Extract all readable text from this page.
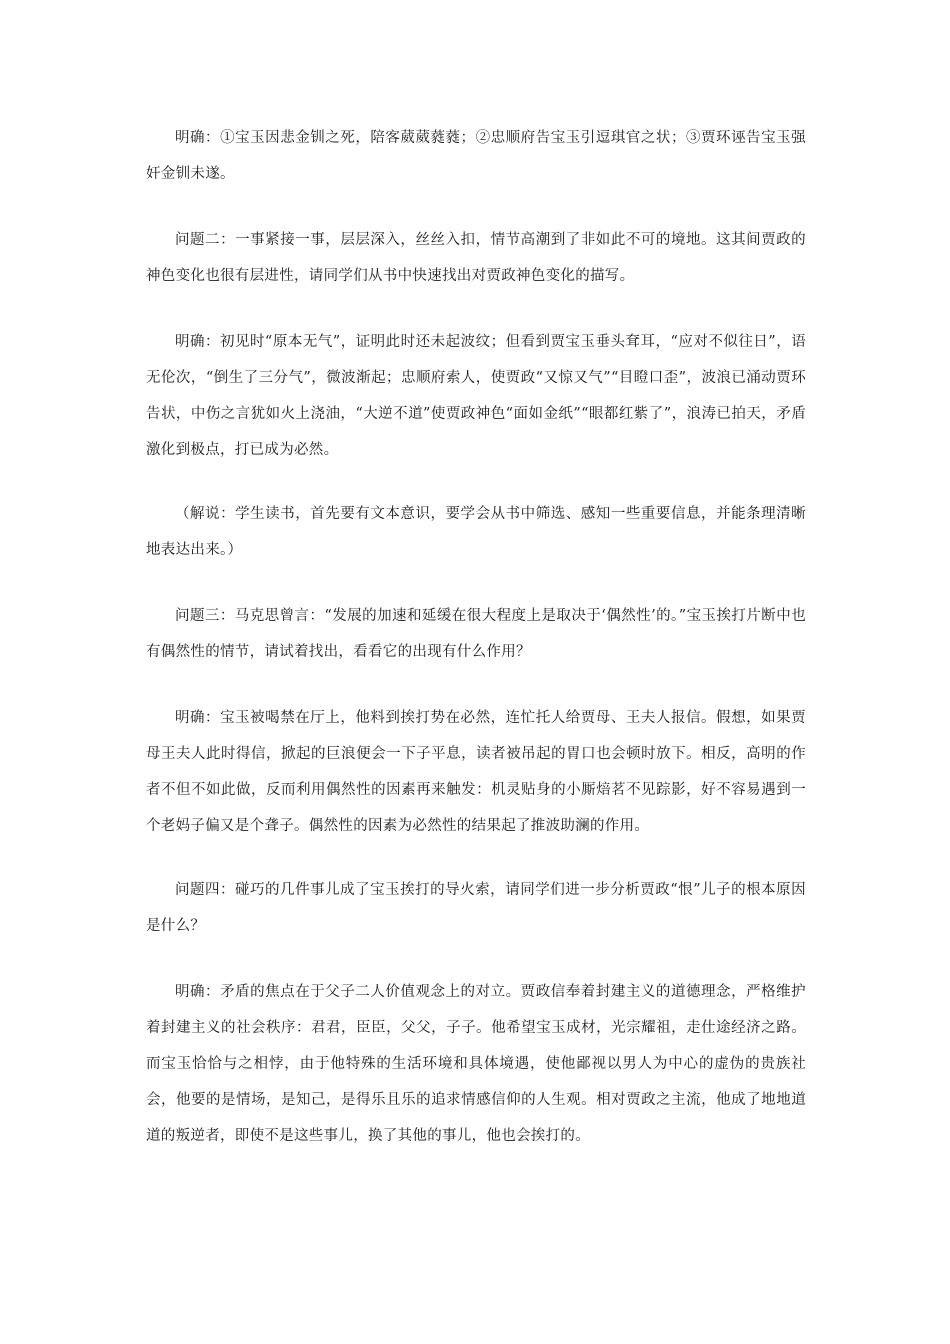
明确：①宝玉因悲金钏之死，陪客葳葳蕤蕤；②忠顺府告宝玉引逗琪官之状；③贾环诬告宝玉强奸金钏未遂。

问题二：一事紧接一事，层层深入，丝丝入扣，情节高潮到了非如此不可的境地。这其间贾政的神色变化也很有层进性，请同学们从书中快速找出对贾政神色变化的描写。

明确：初见时“原本无气”，证明此时还未起波纹；但看到贾宝玉垂头耷耳，“应对不似往日”，语无伦次，“倒生了三分气”，微波渐起；忠顺府索人，使贾政“又惊又气”“目瞪口歪”，波浪已涌动贾环告状，中伤之言犹如火上浇油，“大逆不道”使贾政神色“面如金纸”“眼都红紫了”，浪涛已拍天，矛盾激化到极点，打已成为必然。

（解说：学生读书，首先要有文本意识，要学会从书中筛选、感知一些重要信息，并能条理清晰地表达出来。）

问题三：马克思曾言：“发展的加速和延缓在很大程度上是取决于‘偶然性’的。”宝玉挨打片断中也有偶然性的情节，请试着找出，看看它的出现有什么作用？

明确：宝玉被喝禁在厅上，他料到挨打势在必然，连忙托人给贾母、王夫人报信。假想，如果贾母王夫人此时得信，掀起的巨浪便会一下子平息，读者被吊起的胃口也会顿时放下。相反，高明的作者不但不如此做，反而利用偶然性的因素再来触发：机灵贴身的小厮焙茗不见踪影，好不容易遇到一个老妈子偏又是个聋子。偶然性的因素为必然性的结果起了推波助澜的作用。

问题四：碰巧的几件事儿成了宝玉挨打的导火索，请同学们进一步分析贾政“恨”儿子的根本原因是什么？

明确：矛盾的焦点在于父子二人价值观念上的对立。贾政信奉着封建主义的道德理念，严格维护着封建主义的社会秩序：君君，臣臣，父父，子子。他希望宝玉成材，光宗耀祖，走仕途经济之路。而宝玉恰恰与之相悖，由于他特殊的生活环境和具体境遇，使他鄙视以男人为中心的虚伪的贵族社会，他要的是情场，是知己，是得乐且乐的追求情感信仰的人生观。相对贾政之主流，他成了地地道道的叛逆者，即使不是这些事儿，换了其他的事儿，他也会挨打的。
